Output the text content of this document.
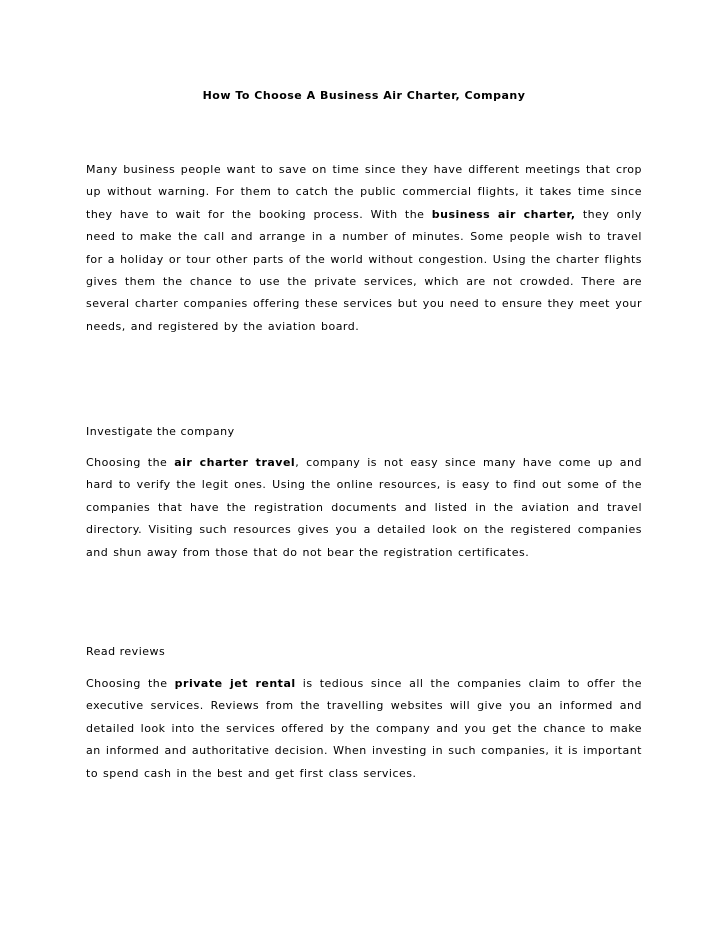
How To Choose A Business Air Charter, Company

Many business people want to save on time since they have different meetings that crop up without warning. For them to catch the public commercial flights, it takes time since they have to wait for the booking process. With the business air charter, they only need to make the call and arrange in a number of minutes. Some people wish to travel for a holiday or tour other parts of the world without congestion. Using the charter flights gives them the chance to use the private services, which are not crowded. There are several charter companies offering these services but you need to ensure they meet your needs, and registered by the aviation board.

Investigate the company

Choosing the air charter travel, company is not easy since many have come up and hard to verify the legit ones. Using the online resources, is easy to find out some of the companies that have the registration documents and listed in the aviation and travel directory. Visiting such resources gives you a detailed look on the registered companies and shun away from those that do not bear the registration certificates.

Read reviews

Choosing the private jet rental is tedious since all the companies claim to offer the executive services. Reviews from the travelling websites will give you an informed and detailed look into the services offered by the company and you get the chance to make an informed and authoritative decision. When investing in such companies, it is important to spend cash in the best and get first class services.
